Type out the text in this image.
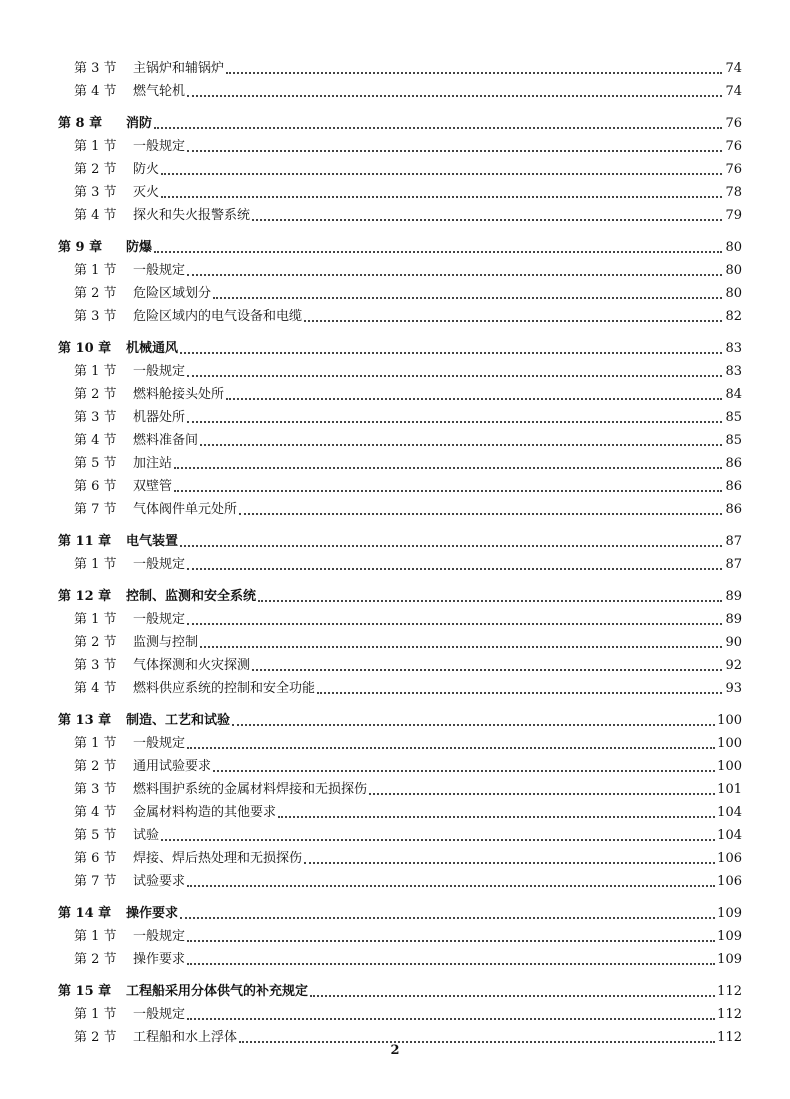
第 3 节	主锅炉和辅锅炉	74
第 4 节	燃气轮机	74
第 8 章	消防	76
第 1 节	一般规定	76
第 2 节	防火	76
第 3 节	灭火	78
第 4 节	探火和失火报警系统	79
第 9 章	防爆	80
第 1 节	一般规定	80
第 2 节	危险区域划分	80
第 3 节	危险区域内的电气设备和电缆	82
第 10 章	机械通风	83
第 1 节	一般规定	83
第 2 节	燃料舱接头处所	84
第 3 节	机器处所	85
第 4 节	燃料准备间	85
第 5 节	加注站	86
第 6 节	双壁管	86
第 7 节	气体阀件单元处所	86
第 11 章	电气装置	87
第 1 节	一般规定	87
第 12 章	控制、监测和安全系统	89
第 1 节	一般规定	89
第 2 节	监测与控制	90
第 3 节	气体探测和火灾探测	92
第 4 节	燃料供应系统的控制和安全功能	93
第 13 章	制造、工艺和试验	100
第 1 节	一般规定	100
第 2 节	通用试验要求	100
第 3 节	燃料围护系统的金属材料焊接和无损探伤	101
第 4 节	金属材料构造的其他要求	104
第 5 节	试验	104
第 6 节	焊接、焊后热处理和无损探伤	106
第 7 节	试验要求	106
第 14 章	操作要求	109
第 1 节	一般规定	109
第 2 节	操作要求	109
第 15 章	工程船采用分体供气的补充规定	112
第 1 节	一般规定	112
第 2 节	工程船和水上浮体	112
2
